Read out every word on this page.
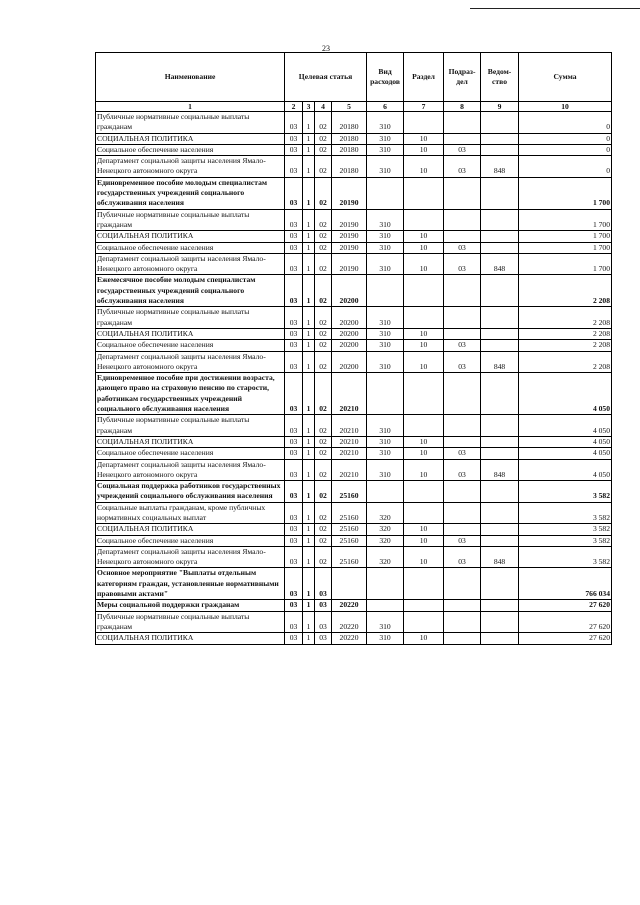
23
Наименование	Целевая статья				Вид расходов	Раздел	Подраз-дел	Ведом-ство	Сумма
1	2	3	4	5	6	7	8	9	10
Публичные нормативные социальные выплаты гражданам	03	1	02	20180	310				0
СОЦИАЛЬНАЯ ПОЛИТИКА	03	1	02	20180	310	10			0
Социальное обеспечение населения	03	1	02	20180	310	10	03		0
Департамент социальной защиты населения Ямало-Ненецкого автономного округа	03	1	02	20180	310	10	03	848	0
Единовременное пособие молодым специалистам государственных учреждений социального обслуживания населения	03	1	02	20190					1 700
Публичные нормативные социальные выплаты гражданам	03	1	02	20190	310				1 700
СОЦИАЛЬНАЯ ПОЛИТИКА	03	1	02	20190	310	10			1 700
Социальное обеспечение населения	03	1	02	20190	310	10	03		1 700
Департамент социальной защиты населения Ямало-Ненецкого автономного округа	03	1	02	20190	310	10	03	848	1 700
Ежемесячное пособие молодым специалистам государственных учреждений социального обслуживания населения	03	1	02	20200					2 208
Публичные нормативные социальные выплаты гражданам	03	1	02	20200	310				2 208
СОЦИАЛЬНАЯ ПОЛИТИКА	03	1	02	20200	310	10			2 208
Социальное обеспечение населения	03	1	02	20200	310	10	03		2 208
Департамент социальной защиты населения Ямало-Ненецкого автономного округа	03	1	02	20200	310	10	03	848	2 208
Единовременное пособие при достижении возраста, дающего право на страховую пенсию по старости, работникам государственных учреждений социального обслуживания населения	03	1	02	20210					4 050
Публичные нормативные социальные выплаты гражданам	03	1	02	20210	310				4 050
СОЦИАЛЬНАЯ ПОЛИТИКА	03	1	02	20210	310	10			4 050
Социальное обеспечение населения	03	1	02	20210	310	10	03		4 050
Департамент социальной защиты населения Ямало-Ненецкого автономного округа	03	1	02	20210	310	10	03	848	4 050
Социальная поддержка работников государственных учреждений социального обслуживания населения	03	1	02	25160					3 582
Социальные выплаты гражданам, кроме публичных нормативных социальных выплат	03	1	02	25160	320				3 582
СОЦИАЛЬНАЯ ПОЛИТИКА	03	1	02	25160	320	10			3 582
Социальное обеспечение населения	03	1	02	25160	320	10	03		3 582
Департамент социальной защиты населения Ямало-Ненецкого автономного округа	03	1	02	25160	320	10	03	848	3 582
Основное мероприятие "Выплаты отдельным категориям граждан, установленные нормативными правовыми актами"	03	1	03						766 034
Меры социальной поддержки гражданам	03	1	03	20220					27 620
Публичные нормативные социальные выплаты гражданам	03	1	03	20220	310				27 620
СОЦИАЛЬНАЯ ПОЛИТИКА	03	1	03	20220	310	10			27 620
